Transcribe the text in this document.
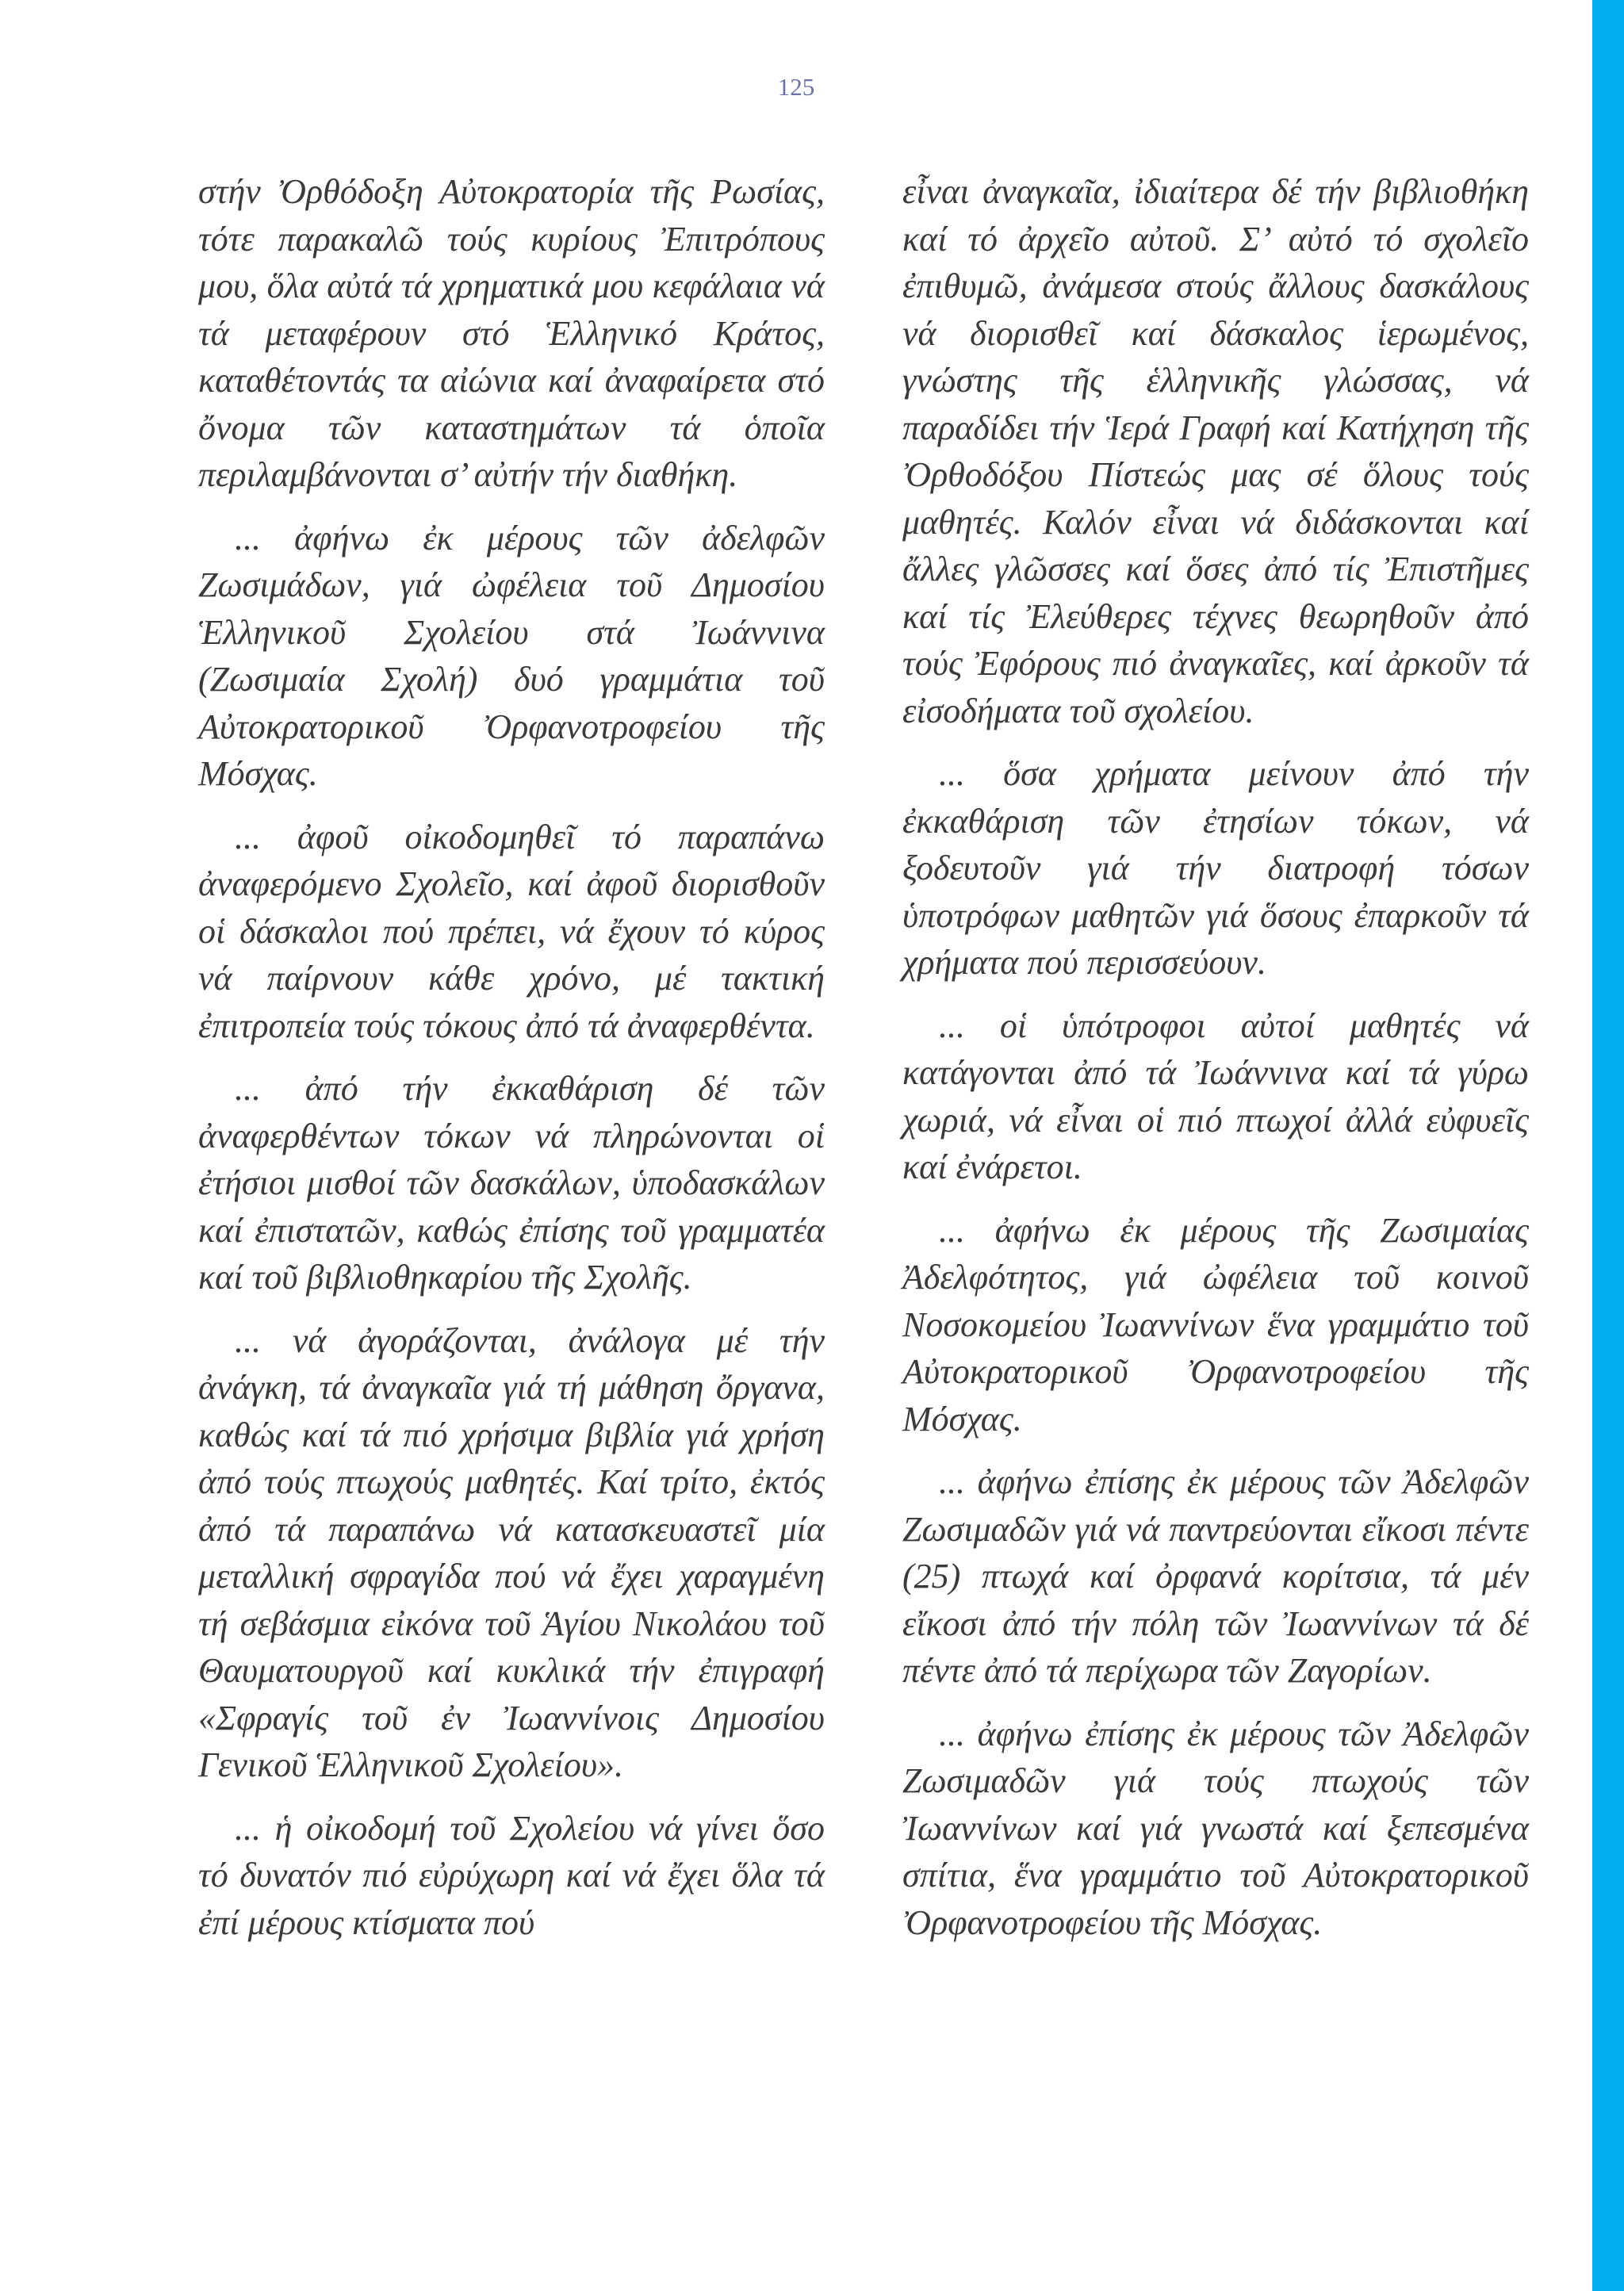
125

στήν Ὀρθόδοξη Αὐτοκρατορία τῆς Ρωσίας, τότε παρακαλῶ τούς κυρίους Ἐπιτρόπους μου, ὅλα αὐτά τά χρηματικά μου κεφάλαια νά τά μεταφέρουν στό Ἑλληνικό Κράτος, καταθέτοντάς τα αἰώνια καί ἀναφαίρετα στό ὄνομα τῶν καταστημάτων τά ὁποῖα περιλαμβάνονται σ’ αὐτήν τήν διαθήκη.

... ἀφήνω ἐκ μέρους τῶν ἀδελφῶν Ζωσιμάδων, γιά ὠφέλεια τοῦ Δημοσίου Ἑλληνικοῦ Σχολείου στά Ἰωάννινα (Ζωσιμαία Σχολή) δυό γραμμάτια τοῦ Αὐτοκρατορικοῦ Ὀρφανοτροφείου τῆς Μόσχας.

... ἀφοῦ οἰκοδομηθεῖ τό παραπάνω ἀναφερόμενο Σχολεῖο, καί ἀφοῦ διορισθοῦν οἱ δάσκαλοι πού πρέπει, νά ἔχουν τό κύρος νά παίρνουν κάθε χρόνο, μέ τακτική ἐπιτροπεία τούς τόκους ἀπό τά ἀναφερθέντα.

... ἀπό τήν ἐκκαθάριση δέ τῶν ἀναφερθέντων τόκων νά πληρώνονται οἱ ἐτήσιοι μισθοί τῶν δασκάλων, ὑποδασκάλων καί ἐπιστατῶν, καθώς ἐπίσης τοῦ γραμματέα καί τοῦ βιβλιοθηκαρίου τῆς Σχολῆς.

... νά ἀγοράζονται, ἀνάλογα μέ τήν ἀνάγκη, τά ἀναγκαῖα γιά τή μάθηση ὄργανα, καθώς καί τά πιό χρήσιμα βιβλία γιά χρήση ἀπό τούς πτωχούς μαθητές. Καί τρίτο, ἐκτός ἀπό τά παραπάνω νά κατασκευαστεῖ μία μεταλλική σφραγίδα πού νά ἔχει χαραγμένη τή σεβάσμια εἰκόνα τοῦ Ἁγίου Νικολάου τοῦ Θαυματουργοῦ καί κυκλικά τήν ἐπιγραφή «Σφραγίς τοῦ ἐν Ἰωαννίνοις Δημοσίου Γενικοῦ Ἑλληνικοῦ Σχολείου».

... ἡ οἰκοδομή τοῦ Σχολείου νά γίνει ὅσο τό δυνατόν πιό εὐρύχωρη καί νά ἔχει ὅλα τά ἐπί μέρους κτίσματα πού

εἶναι ἀναγκαῖα, ἰδιαίτερα δέ τήν βιβλιοθήκη καί τό ἀρχεῖο αὐτοῦ. Σ’ αὐτό τό σχολεῖο ἐπιθυμῶ, ἀνάμεσα στούς ἄλλους δασκάλους νά διορισθεῖ καί δάσκαλος ἱερωμένος, γνώστης τῆς ἑλληνικῆς γλώσσας, νά παραδίδει τήν Ἱερά Γραφή καί Κατήχηση τῆς Ὀρθοδόξου Πίστεώς μας σέ ὅλους τούς μαθητές. Καλόν εἶναι νά διδάσκονται καί ἄλλες γλῶσσες καί ὅσες ἀπό τίς Ἐπιστῆμες καί τίς Ἐλεύθερες τέχνες θεωρηθοῦν ἀπό τούς Ἐφόρους πιό ἀναγκαῖες, καί ἀρκοῦν τά εἰσοδήματα τοῦ σχολείου.

... ὅσα χρήματα μείνουν ἀπό τήν ἐκκαθάριση τῶν ἐτησίων τόκων, νά ξοδευτοῦν γιά τήν διατροφή τόσων ὑποτρόφων μαθητῶν γιά ὅσους ἐπαρκοῦν τά χρήματα πού περισσεύουν.

... οἱ ὑπότροφοι αὐτοί μαθητές νά κατάγονται ἀπό τά Ἰωάννινα καί τά γύρω χωριά, νά εἶναι οἱ πιό πτωχοί ἀλλά εὐφυεῖς καί ἐνάρετοι.

... ἀφήνω ἐκ μέρους τῆς Ζωσιμαίας Ἀδελφότητος, γιά ὠφέλεια τοῦ κοινοῦ Νοσοκομείου Ἰωαννίνων ἕνα γραμμάτιο τοῦ Αὐτοκρατορικοῦ Ὀρφανοτροφείου τῆς Μόσχας.

... ἀφήνω ἐπίσης ἐκ μέρους τῶν Ἀδελφῶν Ζωσιμαδῶν γιά νά παντρεύονται εἴκοσι πέντε (25) πτωχά καί ὀρφανά κορίτσια, τά μέν εἴκοσι ἀπό τήν πόλη τῶν Ἰωαννίνων τά δέ πέντε ἀπό τά περίχωρα τῶν Ζαγορίων.

... ἀφήνω ἐπίσης ἐκ μέρους τῶν Ἀδελφῶν Ζωσιμαδῶν γιά τούς πτωχούς τῶν Ἰωαννίνων καί γιά γνωστά καί ξεπεσμένα σπίτια, ἕνα γραμμάτιο τοῦ Αὐτοκρατορικοῦ Ὀρφανοτροφείου τῆς Μόσχας.
